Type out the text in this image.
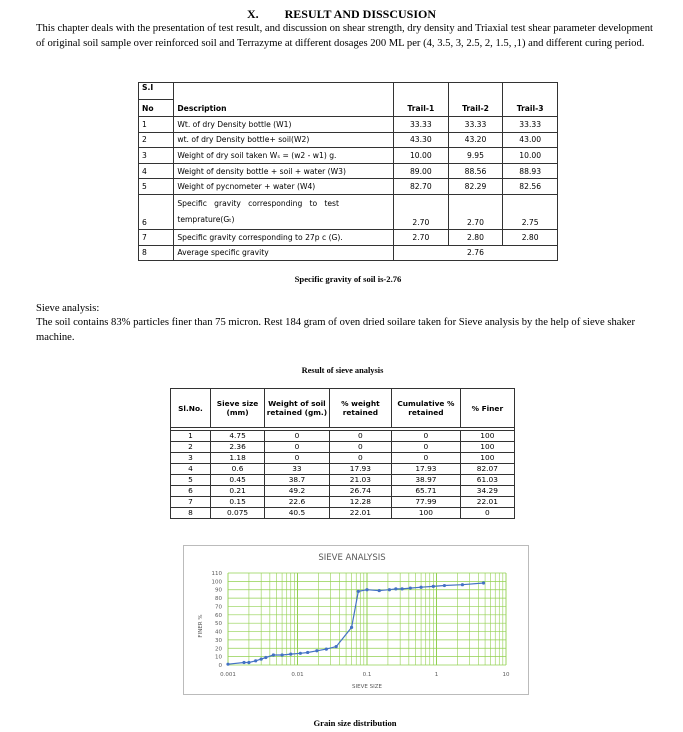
X. RESULT AND DISSCUSION
This chapter deals with the presentation of test result, and discussion on shear strength, dry density and Triaxial test shear parameter development of original soil sample over reinforced soil and Terrazyme at different dosages 200 ML per (4, 3.5, 3, 2.5, 2, 1.5, ,1) and different curing period.
S.I
No	Description	Trail-1	Trail-2	Trail-3
1	Wt. of dry Density bottle (W1)	33.33	33.33	33.33
2	wt. of dry Density bottle+ soil(W2)	43.30	43.20	43.00
3	Weight of dry soil taken Wₛ = (w2 - w1) g.	10.00	9.95	10.00
4	Weight of density bottle + soil + water (W3)	89.00	88.56	88.93
5	Weight of pycnometer + water (W4)	82.70	82.29	82.56
6	Specific   gravity   corresponding   to   test
temprature(Gₜ)	2.70	2.70	2.75
7	Specific gravity corresponding to 27p c (G).	2.70	2.80	2.80
8	Average specific gravity	2.76		
Specific gravity of soil is-2.76
Sieve analysis:
The soil contains 83% particles finer than 75 micron. Rest 184 gram of oven dried soilare taken for Sieve analysis by the help of sieve shaker machine.
Result of sieve analysis
Sl.No.	Sieve size (mm)	Weight of soil retained (gm.)	% weight retained	Cumulative % retained	% Finer

1	4.75	0	0	0	100
2	2.36	0	0	0	100
3	1.18	0	0	0	100
4	0.6	33	17.93	17.93	82.07
5	0.45	38.7	21.03	38.97	61.03
6	0.21	49.2	26.74	65.71	34.29
7	0.15	22.6	12.28	77.99	22.01
8	0.075	40.5	22.01	100	0
0
10
20
30
40
50
60
70
80
90
100
110
0.001	0.01	0.1	1	10
SIEVE ANALYSIS
SIEVE SIZE
FINER %
Grain size distribution
